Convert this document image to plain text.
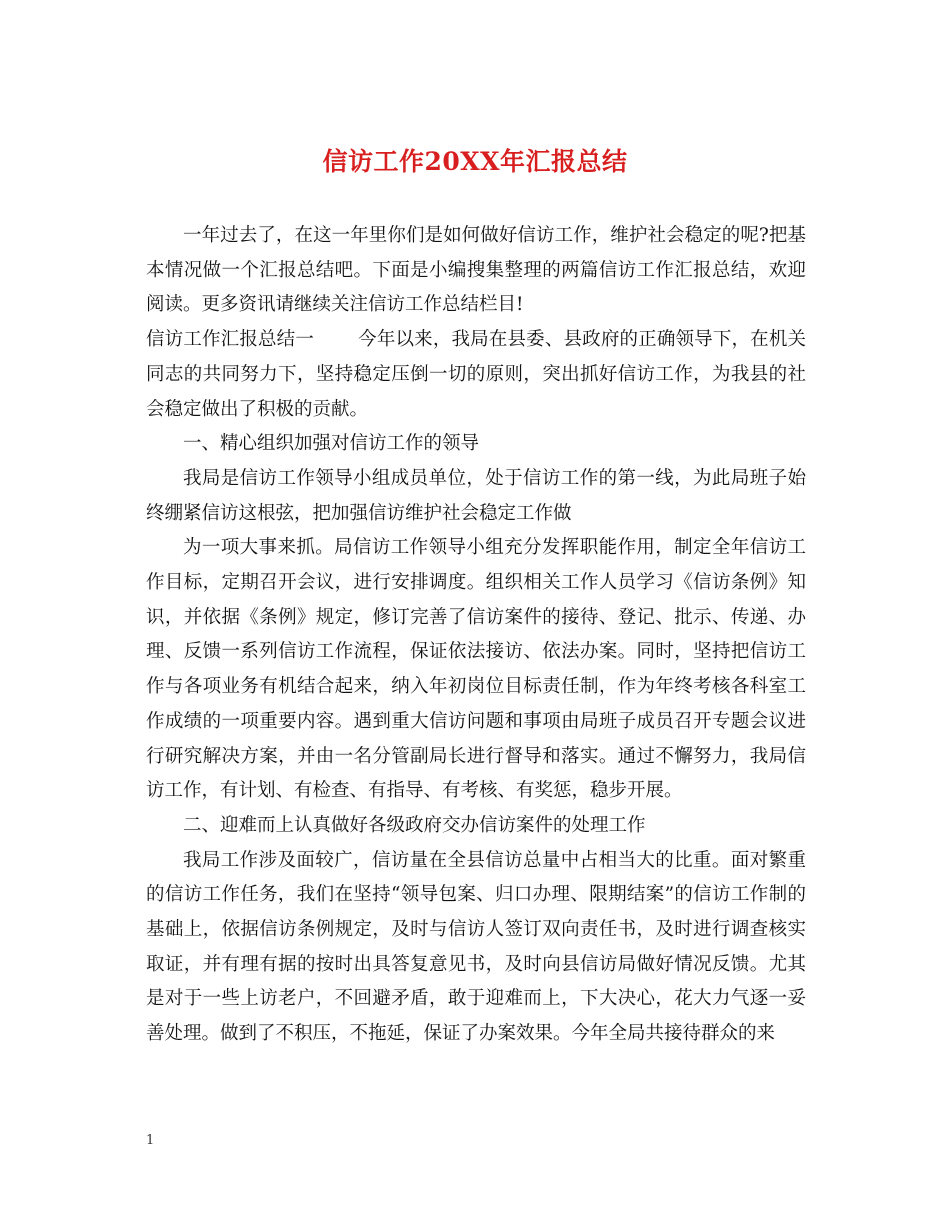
信访工作20XX年汇报总结

一年过去了，在这一年里你们是如何做好信访工作，维护社会稳定的呢?把基本情况做一个汇报总结吧。下面是小编搜集整理的两篇信访工作汇报总结，欢迎阅读。更多资讯请继续关注信访工作总结栏目!

信访工作汇报总结一 今年以来，我局在县委、县政府的正确领导下，在机关同志的共同努力下，坚持稳定压倒一切的原则，突出抓好信访工作，为我县的社会稳定做出了积极的贡献。

一、精心组织加强对信访工作的领导

我局是信访工作领导小组成员单位，处于信访工作的第一线，为此局班子始终绷紧信访这根弦，把加强信访维护社会稳定工作做

为一项大事来抓。局信访工作领导小组充分发挥职能作用，制定全年信访工作目标，定期召开会议，进行安排调度。组织相关工作人员学习《信访条例》知识，并依据《条例》规定，修订完善了信访案件的接待、登记、批示、传递、办理、反馈一系列信访工作流程，保证依法接访、依法办案。同时，坚持把信访工作与各项业务有机结合起来，纳入年初岗位目标责任制，作为年终考核各科室工作成绩的一项重要内容。遇到重大信访问题和事项由局班子成员召开专题会议进行研究解决方案，并由一名分管副局长进行督导和落实。通过不懈努力，我局信访工作，有计划、有检查、有指导、有考核、有奖惩，稳步开展。

二、迎难而上认真做好各级政府交办信访案件的处理工作

我局工作涉及面较广，信访量在全县信访总量中占相当大的比重。面对繁重的信访工作任务，我们在坚持“领导包案、归口办理、限期结案”的信访工作制的基础上，依据信访条例规定，及时与信访人签订双向责任书，及时进行调查核实取证，并有理有据的按时出具答复意见书，及时向县信访局做好情况反馈。尤其是对于一些上访老户，不回避矛盾，敢于迎难而上，下大决心，花大力气逐一妥善处理。做到了不积压，不拖延，保证了办案效果。今年全局共接待群众的来

1
